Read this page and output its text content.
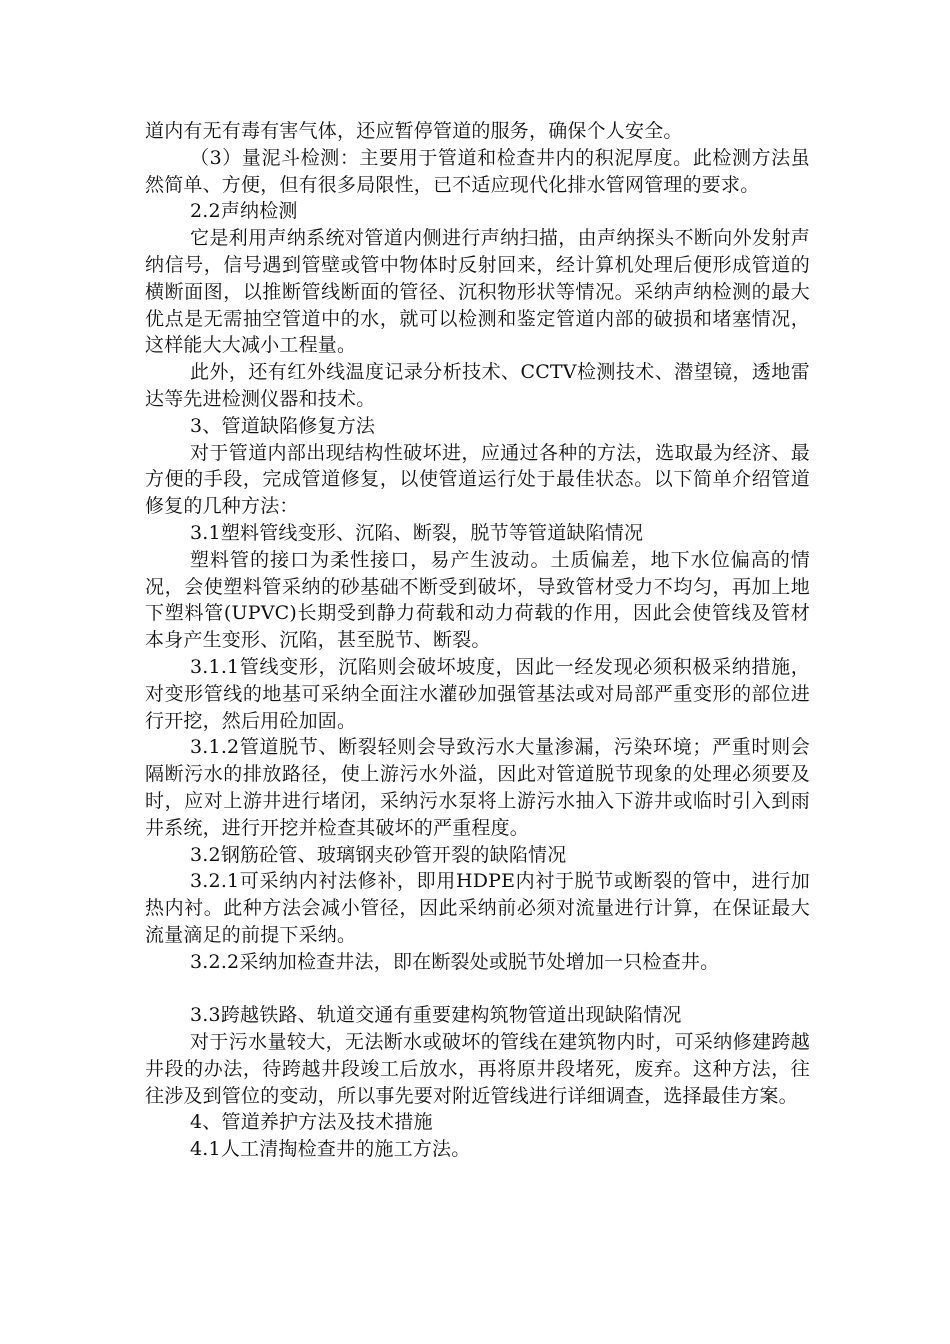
道内有无有毒有害气体，还应暂停管道的服务，确保个人安全。

（3）量泥斗检测：主要用于管道和检查井内的积泥厚度。此检测方法虽然简单、方便，但有很多局限性，已不适应现代化排水管网管理的要求。

2.2声纳检测

它是利用声纳系统对管道内侧进行声纳扫描，由声纳探头不断向外发射声纳信号，信号遇到管壁或管中物体时反射回来，经计算机处理后便形成管道的横断面图，以推断管线断面的管径、沉积物形状等情况。采纳声纳检测的最大优点是无需抽空管道中的水，就可以检测和鉴定管道内部的破损和堵塞情况，这样能大大减小工程量。

此外，还有红外线温度记录分析技术、CCTV检测技术、潜望镜，透地雷达等先进检测仪器和技术。

3、管道缺陷修复方法

对于管道内部出现结构性破坏进，应通过各种的方法，选取最为经济、最方便的手段，完成管道修复，以使管道运行处于最佳状态。以下简单介绍管道修复的几种方法：

3.1塑料管线变形、沉陷、断裂，脱节等管道缺陷情况

塑料管的接口为柔性接口，易产生波动。土质偏差，地下水位偏高的情况，会使塑料管采纳的砂基础不断受到破坏，导致管材受力不均匀，再加上地下塑料管(UPVC)长期受到静力荷载和动力荷载的作用，因此会使管线及管材本身产生变形、沉陷，甚至脱节、断裂。

3.1.1管线变形，沉陷则会破坏坡度，因此一经发现必须积极采纳措施，对变形管线的地基可采纳全面注水灌砂加强管基法或对局部严重变形的部位进行开挖，然后用砼加固。

3.1.2管道脱节、断裂轻则会导致污水大量渗漏，污染环境；严重时则会隔断污水的排放路径，使上游污水外溢，因此对管道脱节现象的处理必须要及时，应对上游井进行堵闭，采纳污水泵将上游污水抽入下游井或临时引入到雨井系统，进行开挖并检查其破坏的严重程度。

3.2钢筋砼管、玻璃钢夹砂管开裂的缺陷情况

3.2.1可采纳内衬法修补，即用HDPE内衬于脱节或断裂的管中，进行加热内衬。此种方法会减小管径，因此采纳前必须对流量进行计算，在保证最大流量滴足的前提下采纳。

3.2.2采纳加检查井法，即在断裂处或脱节处增加一只检查井。

3.3跨越铁路、轨道交通有重要建构筑物管道出现缺陷情况

对于污水量较大，无法断水或破坏的管线在建筑物内时，可采纳修建跨越井段的办法，待跨越井段竣工后放水，再将原井段堵死，废弃。这种方法，往往涉及到管位的变动，所以事先要对附近管线进行详细调查，选择最佳方案。

4、管道养护方法及技术措施

4.1人工清掏检查井的施工方法。
